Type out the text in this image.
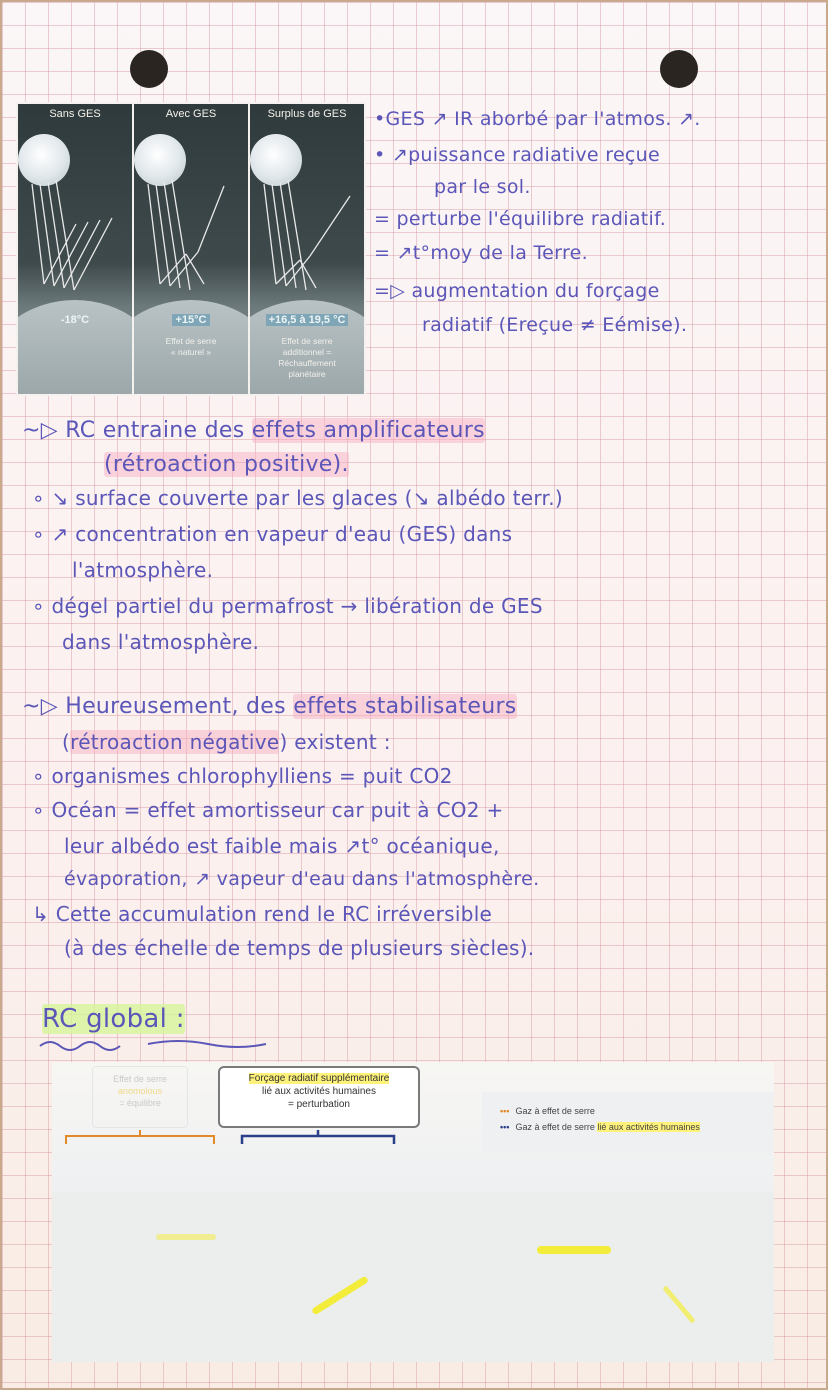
Sans GES
-18°C
Avec GES
+15°C
Effet de serre
« naturel »
Surplus de GES
+16,5 à 19,5 °C
Effet de serre
additionnel =
Réchauffement
planétaire
•GES ↗ IR aborbé par l'atmos. ↗.
• ↗puissance radiative reçue
par le sol.
= perturbe l'équilibre radiatif.
= ↗t°moy de la Terre.
=▷ augmentation du forçage
radiatif (Ereçue ≠ Eémise).
~▷ RC entraine des effets amplificateurs
(rétroaction positive).
∘ ↘ surface couverte par les glaces (↘ albédo terr.)
∘ ↗ concentration en vapeur d'eau (GES) dans
l'atmosphère.
∘ dégel partiel du permafrost → libération de GES
dans l'atmosphère.
~▷ Heureusement, des effets stabilisateurs
(rétroaction négative) existent :
∘ organismes chlorophylliens = puit CO2
∘ Océan = effet amortisseur car puit à CO2 +
leur albédo est faible mais ↗t° océanique,
évaporation, ↗ vapeur d'eau dans l'atmosphère.
↳ Cette accumulation rend le RC irréversible
(à des échelle de temps de plusieurs siècles).
RC global :
Effet de serre
anomolous
= équilibre
Forçage radiatif supplémentaire
lié aux activités humaines
= perturbation
••• Gaz à effet de serre
••• Gaz à effet de serre lié aux activités humaines
